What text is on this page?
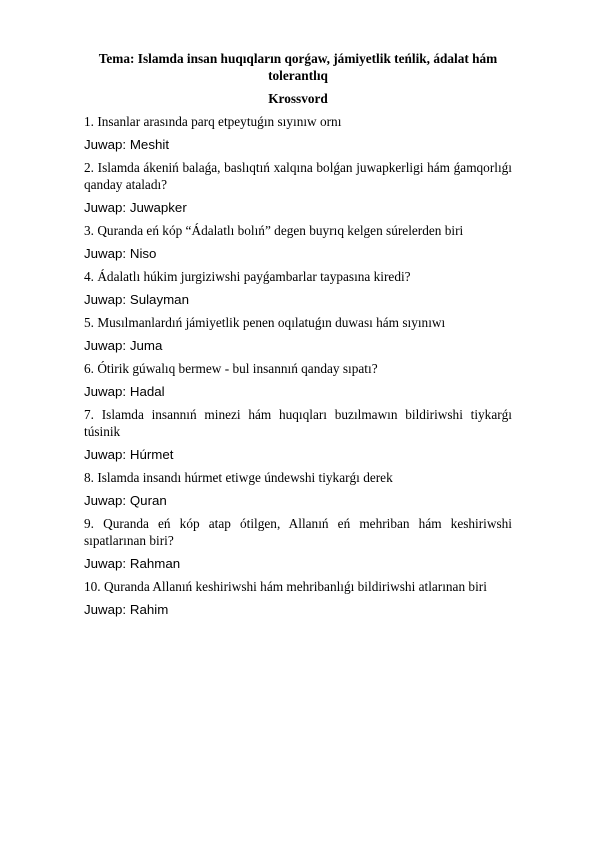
Tema: Islamda insan huqıqların qorǵaw, jámiyetlik teńlik, ádalat hám tolerantlıq

Krossvord

1. Insanlar arasında parq etpeytuǵın sıyınıw ornı

Juwap: Meshit

2. Islamda ákeniń balaǵa, baslıqtıń xalqına bolǵan juwapkerligi hám ǵamqorlıǵı qanday ataladı?

Juwap: Juwapker

3. Quranda eń kóp “Ádalatlı bolıń” degen buyrıq kelgen súrelerden biri

Juwap: Niso

4. Ádalatlı húkim jurgiziwshi payǵambarlar taypasına kiredi?

Juwap: Sulayman

5. Musılmanlardıń jámiyetlik penen oqılatuǵın duwası hám sıyınıwı

Juwap: Juma

6. Ótirik gúwalıq bermew - bul insannıń qanday sıpatı?

Juwap: Hadal

7. Islamda insannıń minezi hám huqıqları buzılmawın bildiriwshi tiykarǵı túsinik

Juwap: Húrmet

8. Islamda insandı húrmet etiwge úndewshi tiykarǵı derek

Juwap: Quran

9. Quranda eń kóp atap ótilgen, Allanıń eń mehriban hám keshiriwshi sıpatlarınan biri?

Juwap: Rahman

10. Quranda Allanıń keshiriwshi hám mehribanlıǵı bildiriwshi atlarınan biri

Juwap: Rahim
